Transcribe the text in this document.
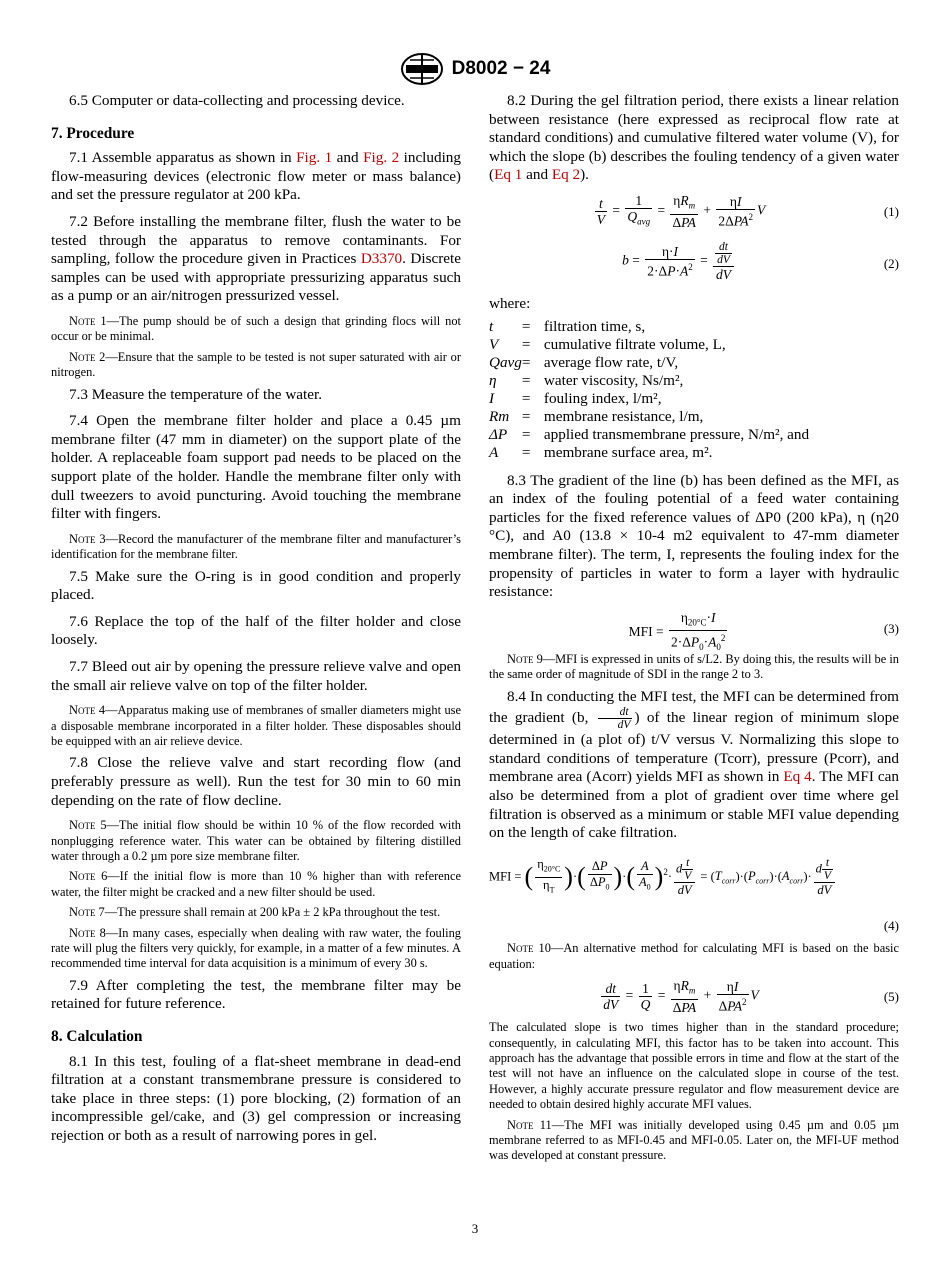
D8002 − 24

6.5 Computer or data-collecting and processing device.

7. Procedure

7.1 Assemble apparatus as shown in Fig. 1 and Fig. 2 including flow-measuring devices (electronic flow meter or mass balance) and set the pressure regulator at 200 kPa.

7.2 Before installing the membrane filter, flush the water to be tested through the apparatus to remove contaminants. For sampling, follow the procedure given in Practices D3370. Discrete samples can be used with appropriate pressurizing apparatus such as a pump or an air/nitrogen pressurized vessel.

Note 1—The pump should be of such a design that grinding flocs will not occur or be minimal.

Note 2—Ensure that the sample to be tested is not super saturated with air or nitrogen.

7.3 Measure the temperature of the water.

7.4 Open the membrane filter holder and place a 0.45 µm membrane filter (47 mm in diameter) on the support plate of the holder. A replaceable foam support pad needs to be placed on the support plate of the holder. Handle the membrane filter only with dull tweezers to avoid puncturing. Avoid touching the membrane filter with fingers.

Note 3—Record the manufacturer of the membrane filter and manufacturer’s identification for the membrane filter.

7.5 Make sure the O-ring is in good condition and properly placed.

7.6 Replace the top of the half of the filter holder and close loosely.

7.7 Bleed out air by opening the pressure relieve valve and open the small air relieve valve on top of the filter holder.

Note 4—Apparatus making use of membranes of smaller diameters might use a disposable membrane incorporated in a filter holder. These disposables should be equipped with an air relieve device.

7.8 Close the relieve valve and start recording flow (and preferably pressure as well). Run the test for 30 min to 60 min depending on the rate of flow decline.

Note 5—The initial flow should be within 10 % of the flow recorded with nonplugging reference water. This water can be obtained by filtering distilled water through a 0.2 µm pore size membrane filter.

Note 6—If the initial flow is more than 10 % higher than with reference water, the filter might be cracked and a new filter should be used.

Note 7—The pressure shall remain at 200 kPa ± 2 kPa throughout the test.

Note 8—In many cases, especially when dealing with raw water, the fouling rate will plug the filters very quickly, for example, in a matter of a few minutes. A recommended time interval for data acquisition is a minimum of every 30 s.

7.9 After completing the test, the membrane filter may be retained for future reference.

8. Calculation

8.1 In this test, fouling of a flat-sheet membrane in dead-end filtration at a constant transmembrane pressure is considered to take place in three steps: (1) pore blocking, (2) formation of an incompressible gel/cake, and (3) gel compression or increasing rejection or both as a result of narrowing pores in gel.

8.2 During the gel filtration period, there exists a linear relation between resistance (here expressed as reciprocal flow rate at standard conditions) and cumulative filtered water volume (V), for which the slope (b) describes the fouling tendency of a given water (Eq 1 and Eq 2).

$\frac{t}{V} = \frac{1}{Q_{avg}} = \frac{\eta R_m}{\text{ΔPA}} + \frac{\eta I}{2\Delta PA^2}$ V	(1)
$b = \frac{\eta\cdot I}{2\cdot\Delta P\cdot A^2} = \frac{\frac{dt}{dV}}{dV}$	(2)

where:

t	=	filtration time, s,
V	=	cumulative filtrate volume, L,
Qavg	=	average flow rate, t/V,
η	=	water viscosity, Ns/m²,
I	=	fouling index, l/m²,
Rm	=	membrane resistance, l/m,
ΔP	=	applied transmembrane pressure, N/m², and
A	=	membrane surface area, m².

8.3 The gradient of the line (b) has been defined as the MFI, as an index of the fouling potential of a feed water containing particles for the fixed reference values of ΔP0 (200 kPa), η (η20 °C), and A0 (13.8 × 10-4 m2 equivalent to 47-mm diameter membrane filter). The term, I, represents the fouling index for the propensity of particles in water to form a layer with hydraulic resistance:

MFI = $\frac{\eta_{20^\circ C}\cdot I}{2\cdot\Delta P_0\cdot A_0^2}$	(3)

Note 9—MFI is expressed in units of s/L2. By doing this, the results will be in the same order of magnitude of SDI in the range 2 to 3.

8.4 In conducting the MFI test, the MFI can be determined from the gradient (b, $\frac{dt}{dV}$ ) of the linear region of minimum slope determined in (a plot of) t/V versus V. Normalizing this slope to standard conditions of temperature (Tcorr), pressure (Pcorr), and membrane area (Acorr) yields MFI as shown in Eq 4. The MFI can also be determined from a plot of gradient over time where gel filtration is observed as a minimum or stable MFI value depending on the length of cake filtration.

MFI = ( $\frac{\eta_{20^\circ C}}{\eta_T}$ )·( $\frac{\Delta P}{\Delta P_0}$ )·( $\frac{A}{A_0} )^2\cdot \frac{d \frac{t}{V}}{dV} = (T_{corr})\cdot(P_{corr})\cdot(A_{corr})\cdot \frac{d \frac{t}{V}}{dV}$
(4)

Note 10—An alternative method for calculating MFI is based on the basic equation:

$\frac{dt}{dV} = \frac{1}{Q} = \frac{\eta R_m}{\text{ΔPA}} + \frac{\eta I}{\Delta PA^2}$ V	(5)

The calculated slope is two times higher than in the standard procedure; consequently, in calculating MFI, this factor has to be taken into account. This approach has the advantage that possible errors in time and flow at the start of the test will not have an influence on the calculated slope in course of the test. However, a highly accurate pressure regulator and flow measurement device are needed to obtain desired highly accurate MFI values.

Note 11—The MFI was initially developed using 0.45 µm and 0.05 µm membrane referred to as MFI-0.45 and MFI-0.05. Later on, the MFI-UF method was developed at constant pressure.

3
